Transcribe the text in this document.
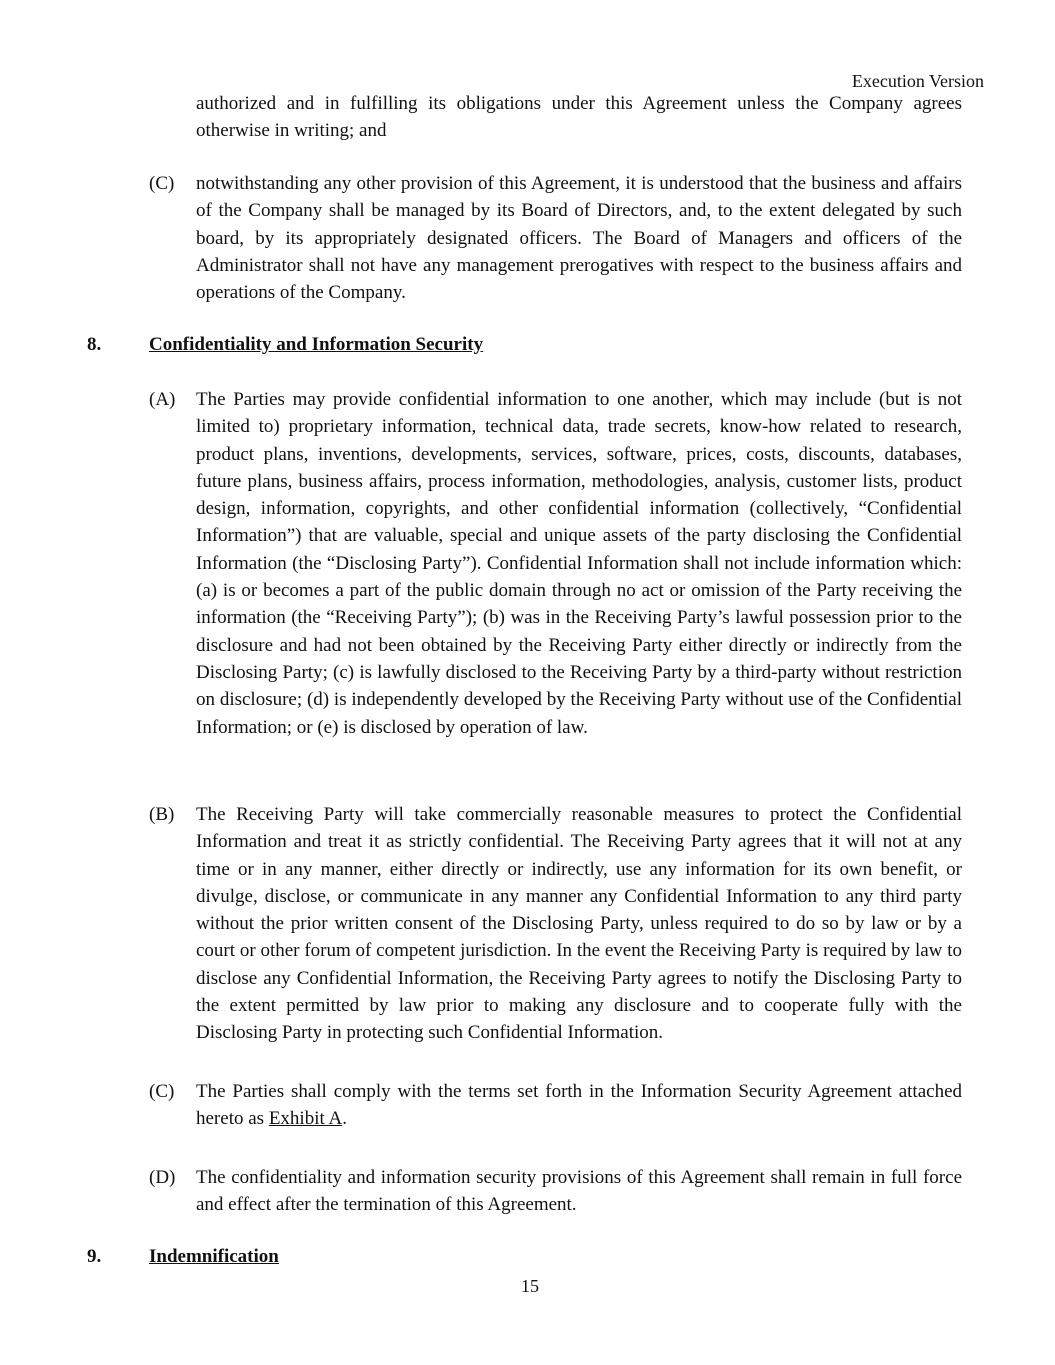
Execution Version
authorized and in fulfilling its obligations under this Agreement unless the Company agrees otherwise in writing; and
(C) notwithstanding any other provision of this Agreement, it is understood that the business and affairs of the Company shall be managed by its Board of Directors, and, to the extent delegated by such board, by its appropriately designated officers. The Board of Managers and officers of the Administrator shall not have any management prerogatives with respect to the business affairs and operations of the Company.
8.	Confidentiality and Information Security
(A) The Parties may provide confidential information to one another, which may include (but is not limited to) proprietary information, technical data, trade secrets, know-how related to research, product plans, inventions, developments, services, software, prices, costs, discounts, databases, future plans, business affairs, process information, methodologies, analysis, customer lists, product design, information, copyrights, and other confidential information (collectively, “Confidential Information”) that are valuable, special and unique assets of the party disclosing the Confidential Information (the “Disclosing Party”). Confidential Information shall not include information which: (a) is or becomes a part of the public domain through no act or omission of the Party receiving the information (the “Receiving Party”); (b) was in the Receiving Party’s lawful possession prior to the disclosure and had not been obtained by the Receiving Party either directly or indirectly from the Disclosing Party; (c) is lawfully disclosed to the Receiving Party by a third-party without restriction on disclosure; (d) is independently developed by the Receiving Party without use of the Confidential Information; or (e) is disclosed by operation of law.
(B) The Receiving Party will take commercially reasonable measures to protect the Confidential Information and treat it as strictly confidential. The Receiving Party agrees that it will not at any time or in any manner, either directly or indirectly, use any information for its own benefit, or divulge, disclose, or communicate in any manner any Confidential Information to any third party without the prior written consent of the Disclosing Party, unless required to do so by law or by a court or other forum of competent jurisdiction. In the event the Receiving Party is required by law to disclose any Confidential Information, the Receiving Party agrees to notify the Disclosing Party to the extent permitted by law prior to making any disclosure and to cooperate fully with the Disclosing Party in protecting such Confidential Information.
(C) The Parties shall comply with the terms set forth in the Information Security Agreement attached hereto as Exhibit A.
(D) The confidentiality and information security provisions of this Agreement shall remain in full force and effect after the termination of this Agreement.
9.	Indemnification
15
